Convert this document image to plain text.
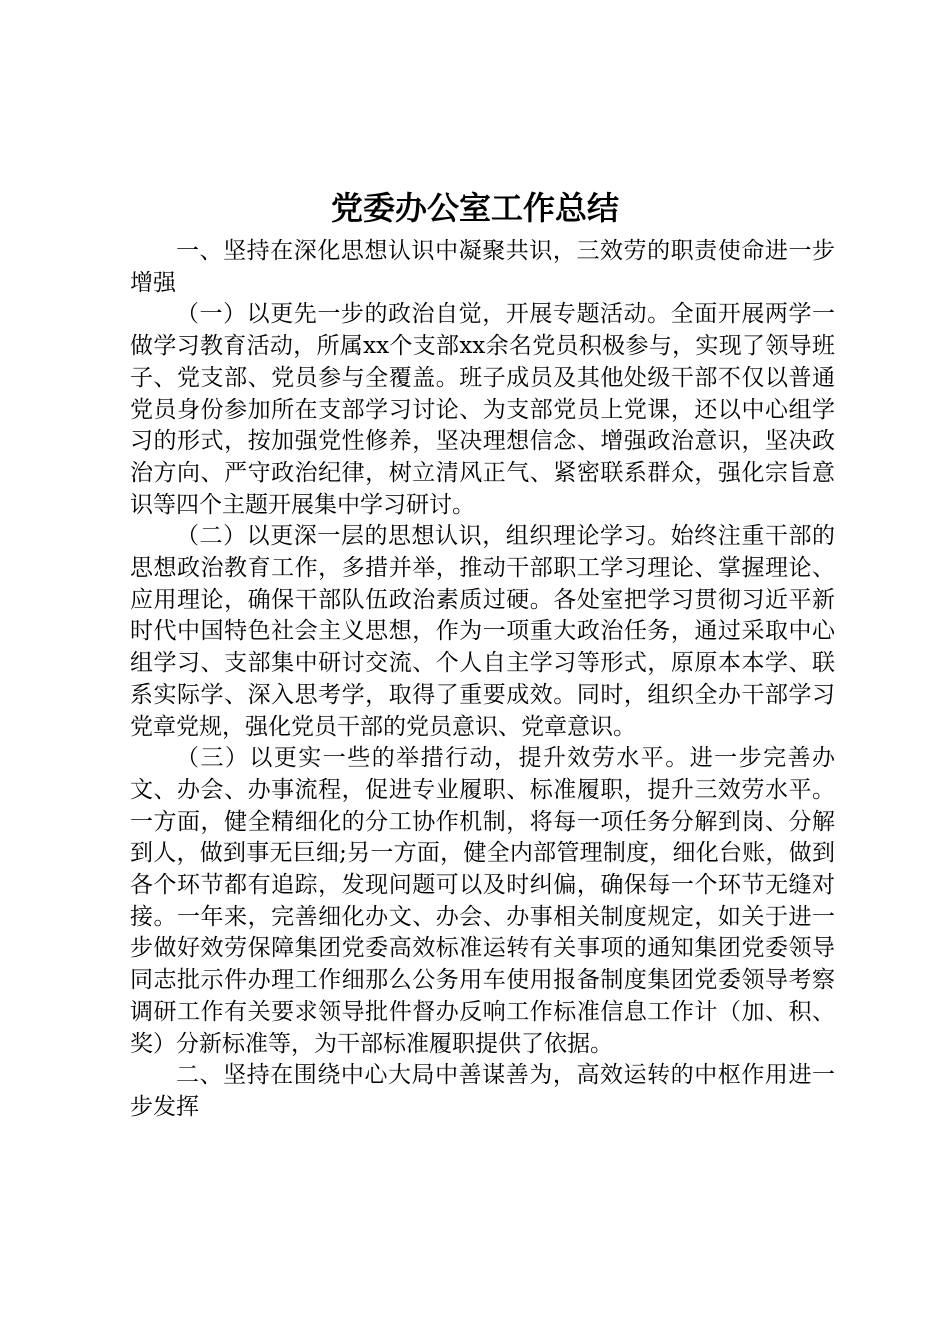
党委办公室工作总结

一、坚持在深化思想认识中凝聚共识，三效劳的职责使命进一步增强

（一）以更先一步的政治自觉，开展专题活动。全面开展两学一做学习教育活动，所属xx个支部xx余名党员积极参与，实现了领导班子、党支部、党员参与全覆盖。班子成员及其他处级干部不仅以普通党员身份参加所在支部学习讨论、为支部党员上党课，还以中心组学习的形式，按加强党性修养，坚决理想信念、增强政治意识，坚决政治方向、严守政治纪律，树立清风正气、紧密联系群众，强化宗旨意识等四个主题开展集中学习研讨。

（二）以更深一层的思想认识，组织理论学习。始终注重干部的思想政治教育工作，多措并举，推动干部职工学习理论、掌握理论、应用理论，确保干部队伍政治素质过硬。各处室把学习贯彻习近平新时代中国特色社会主义思想，作为一项重大政治任务，通过采取中心组学习、支部集中研讨交流、个人自主学习等形式，原原本本学、联系实际学、深入思考学，取得了重要成效。同时，组织全办干部学习党章党规，强化党员干部的党员意识、党章意识。

（三）以更实一些的举措行动，提升效劳水平。进一步完善办文、办会、办事流程，促进专业履职、标准履职，提升三效劳水平。一方面，健全精细化的分工协作机制，将每一项任务分解到岗、分解到人，做到事无巨细;另一方面，健全内部管理制度，细化台账，做到各个环节都有追踪，发现问题可以及时纠偏，确保每一个环节无缝对接。一年来，完善细化办文、办会、办事相关制度规定，如关于进一步做好效劳保障集团党委高效标准运转有关事项的通知集团党委领导同志批示件办理工作细那么公务用车使用报备制度集团党委领导考察调研工作有关要求领导批件督办反响工作标准信息工作计（加、积、奖）分新标准等，为干部标准履职提供了依据。

二、坚持在围绕中心大局中善谋善为，高效运转的中枢作用进一步发挥
